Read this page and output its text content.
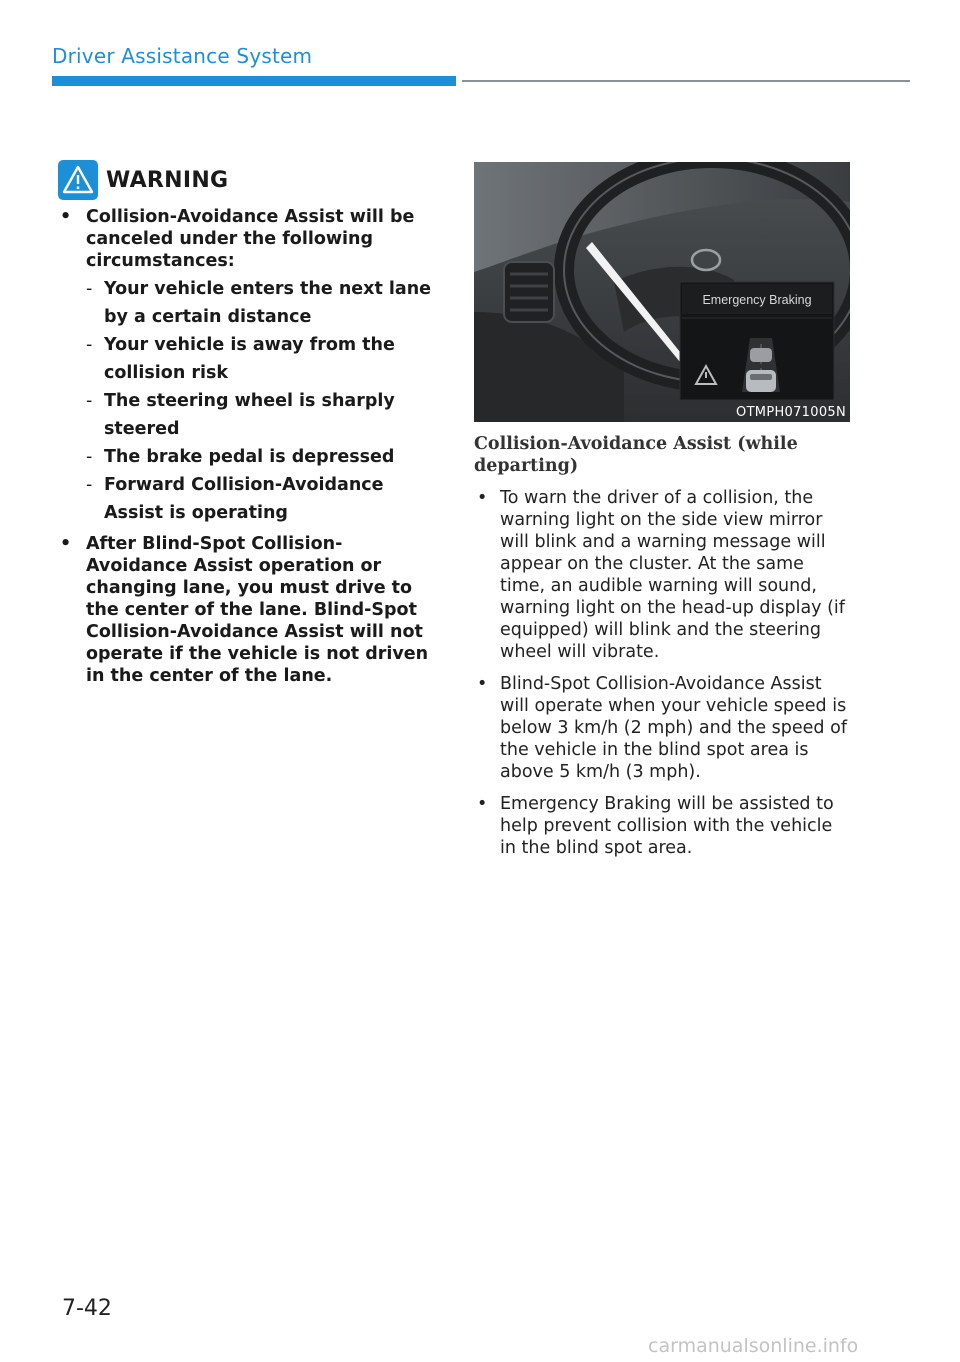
Driver Assistance System
WARNING
• Collision-Avoidance Assist will be canceled under the following circumstances:
- Your vehicle enters the next lane by a certain distance
- Your vehicle is away from the collision risk
- The steering wheel is sharply steered
- The brake pedal is depressed
- Forward Collision-Avoidance Assist is operating
• After Blind-Spot Collision-Avoidance Assist operation or changing lane, you must drive to the center of the lane. Blind-Spot Collision-Avoidance Assist will not operate if the vehicle is not driven in the center of the lane.
Emergency Braking
OTMPH071005N
Collision-Avoidance Assist (while departing)
• To warn the driver of a collision, the warning light on the side view mirror will blink and a warning message will appear on the cluster. At the same time, an audible warning will sound, warning light on the head-up display (if equipped) will blink and the steering wheel will vibrate.
• Blind-Spot Collision-Avoidance Assist will operate when your vehicle speed is below 3 km/h (2 mph) and the speed of the vehicle in the blind spot area is above 5 km/h (3 mph).
• Emergency Braking will be assisted to help prevent collision with the vehicle in the blind spot area.
7-42
carmanualsonline.info
